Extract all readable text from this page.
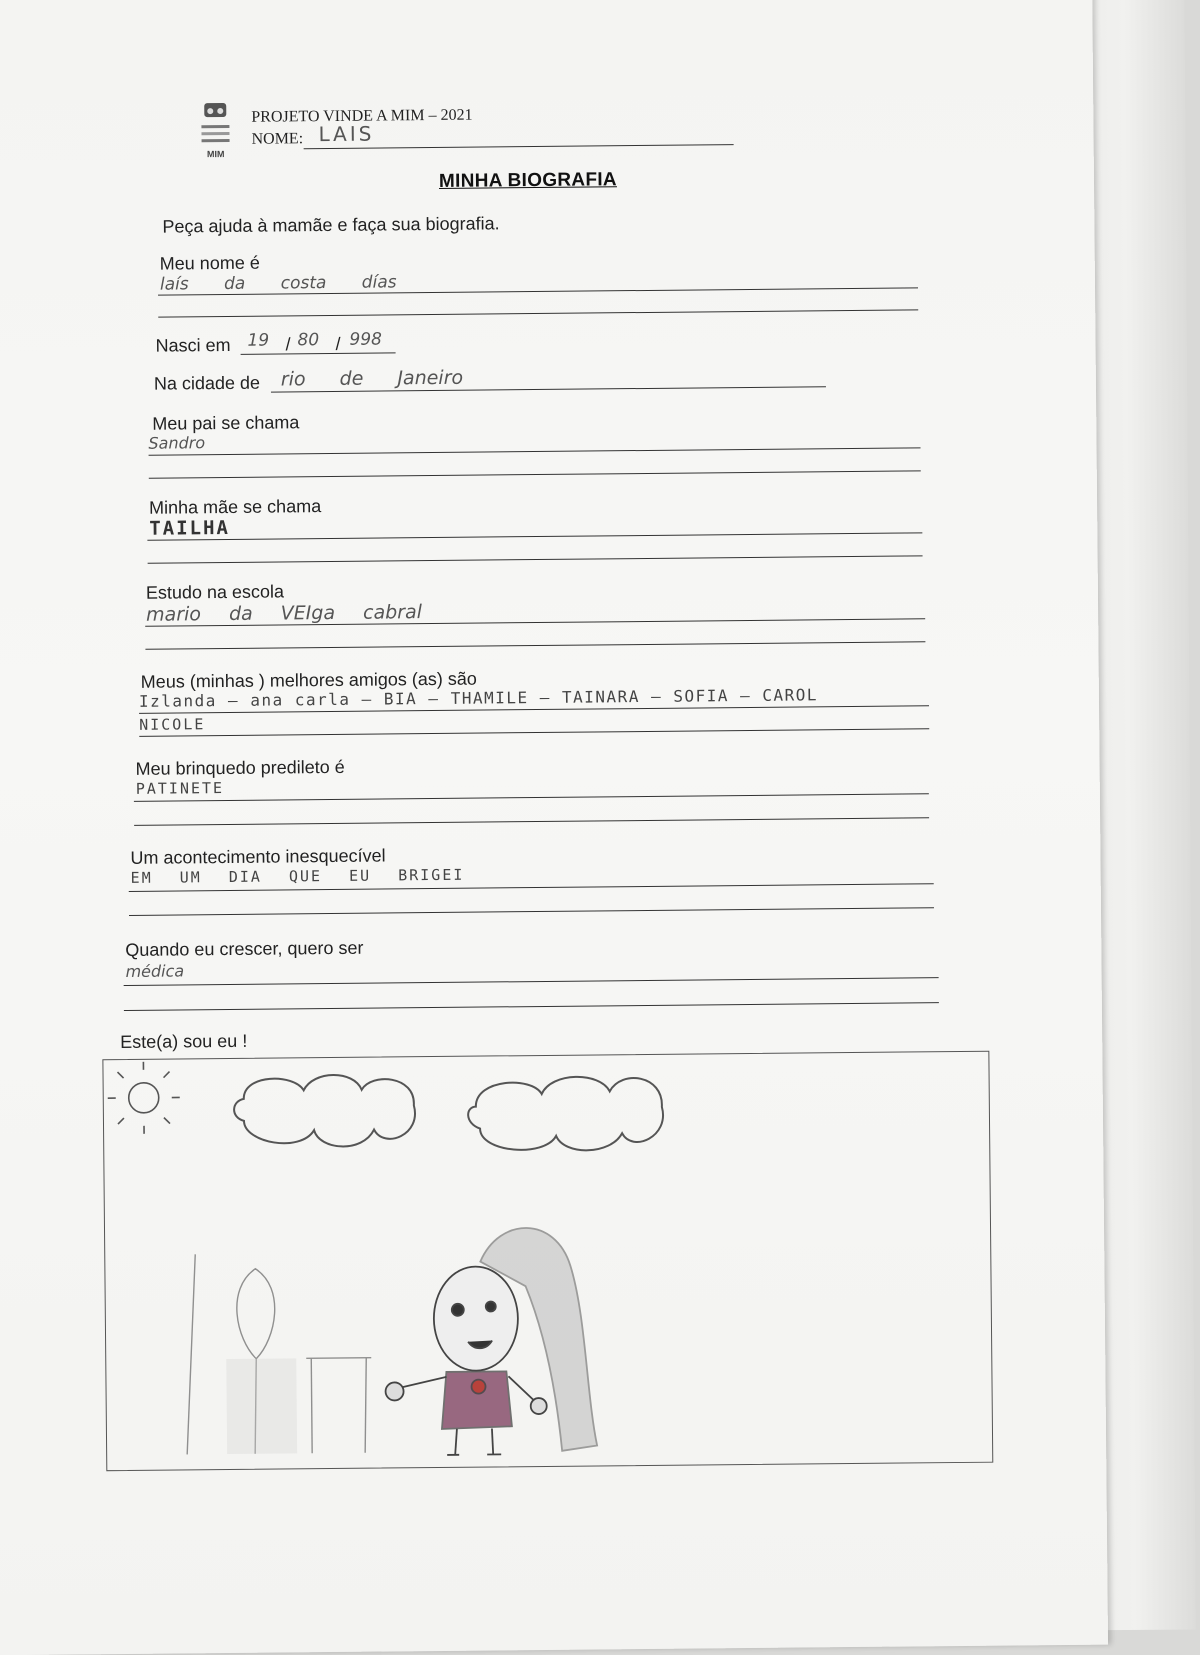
MIM
PROJETO VINDE A MIM – 2021
NOME: LAIS
MINHA BIOGRAFIA
Peça ajuda à mamãe e faça sua biografia.
Meu nome é
laís da costa días
Nasci em 19 / 80 / 998
Na cidade de rio de Janeiro
Meu pai se chama
Sandro
Minha mãe se chama
TAILHA
Estudo na escola
mario da VEIga cabral
Meus (minhas ) melhores amigos (as) são
Izlanda – ana carla – BIA – THAMILE – TAINARA – SOFIA – CAROL
NICOLE
Meu brinquedo predileto é
PATINETE
Um acontecimento inesquecível
EM UM DIA QUE EU BRIGEI
Quando eu crescer, quero ser
médica
Este(a) sou eu !
